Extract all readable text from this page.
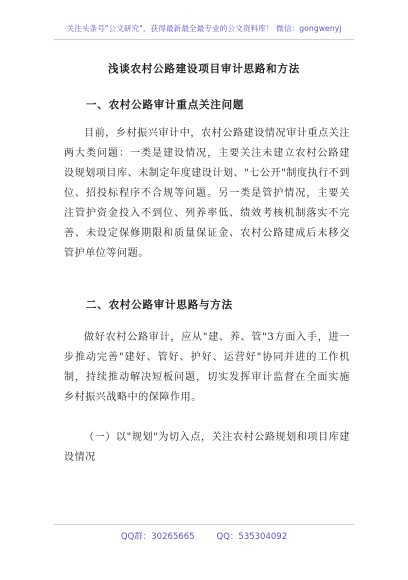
关注头条号"公文研究"，获得最新最全最专业的公文资料库！ 微信：gongwenyj
浅谈农村公路建设项目审计思路和方法
一、农村公路审计重点关注问题

目前，乡村振兴审计中，农村公路建设情况审计重点关注两大类问题：一类是建设情况，主要关注未建立农村公路建设规划项目库、未制定年度建设计划、"七公开"制度执行不到位、招投标程序不合规等问题。另一类是管护情况，主要关注管护资金投入不到位、列养率低、绩效考核机制落实不完善、未设定保修期限和质量保证金、农村公路建成后未移交管护单位等问题。

二、农村公路审计思路与方法

做好农村公路审计，应从"建、养、管"3方面入手，进一步推动完善"建好、管好、护好、运营好"协同并进的工作机制，持续推动解决短板问题，切实发挥审计监督在全面实施乡村振兴战略中的保障作用。

（一）以"规划"为切入点，关注农村公路规划和项目库建设情况

QQ群：30265665	QQ：535304092
